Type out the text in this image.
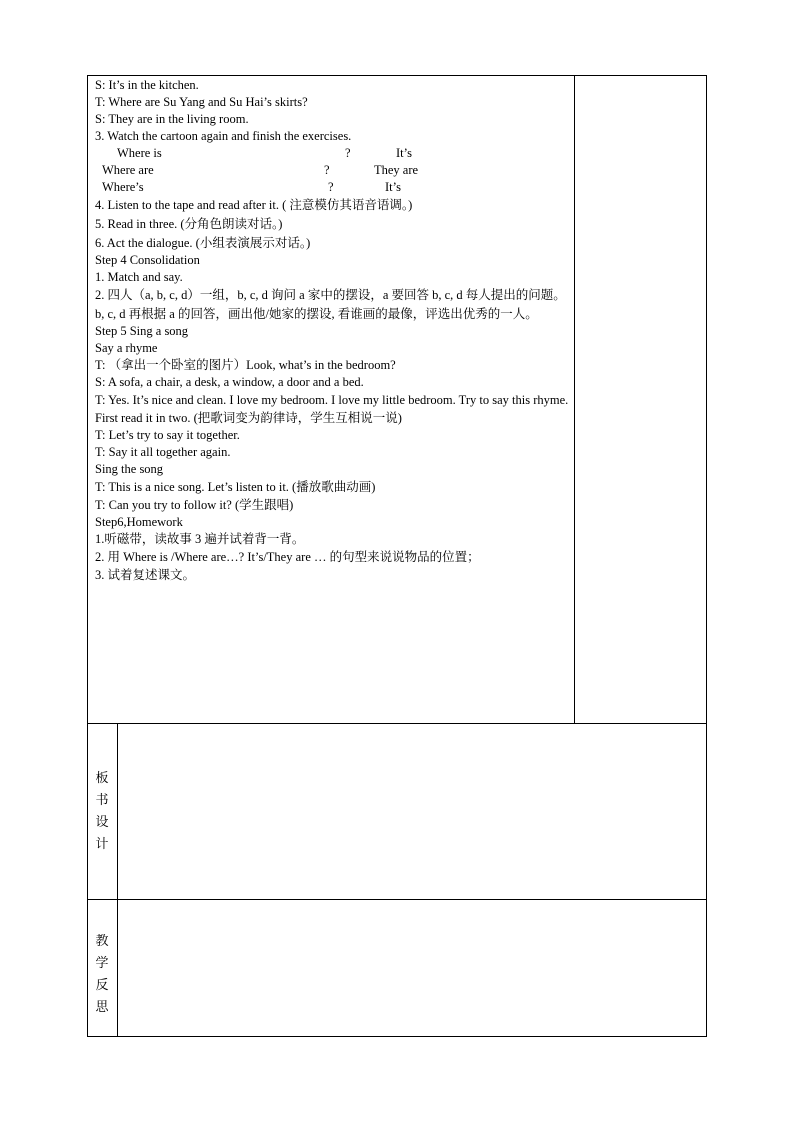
S: It’s in the kitchen.
T: Where are Su Yang and Su Hai’s skirts?
S: They are in the living room.
3. Watch the cartoon again and finish the exercises.
Where is	?	It’s
Where are	?	They are
Where’s	?	It’s
4. Listen to the tape and read after it. ( 注意模仿其语音语调。)
5. Read in three. (分角色朗读对话。)
6. Act the dialogue. (小组表演展示对话。)
Step 4 Consolidation
1. Match and say.
2. 四人（a, b, c, d）一组，b, c, d 询问 a 家中的摆设，a 要回答 b, c, d 每人提出的问题。b, c, d 再根据 a 的回答，画出他/她家的摆设, 看谁画的最像，评选出优秀的一人。
Step 5 Sing a song
Say a rhyme
T: （拿出一个卧室的图片）Look, what’s in the bedroom?
S: A sofa, a chair, a desk, a window, a door and a bed.
T: Yes. It’s nice and clean. I love my bedroom. I love my little bedroom. Try to say this rhyme. First read it in two. (把歌词变为韵律诗，学生互相说一说)
T: Let’s try to say it together.
T: Say it all together again.
Sing the song
T: This is a nice song. Let’s listen to it. (播放歌曲动画)
T: Can you try to follow it? (学生跟唱)
Step6,Homework
1.听磁带，读故事 3 遍并试着背一背。
2. 用 Where is /Where are…? It’s/They are … 的句型来说说物品的位置；
3. 试着复述课文。
板
书
设
计
教
学
反
思
